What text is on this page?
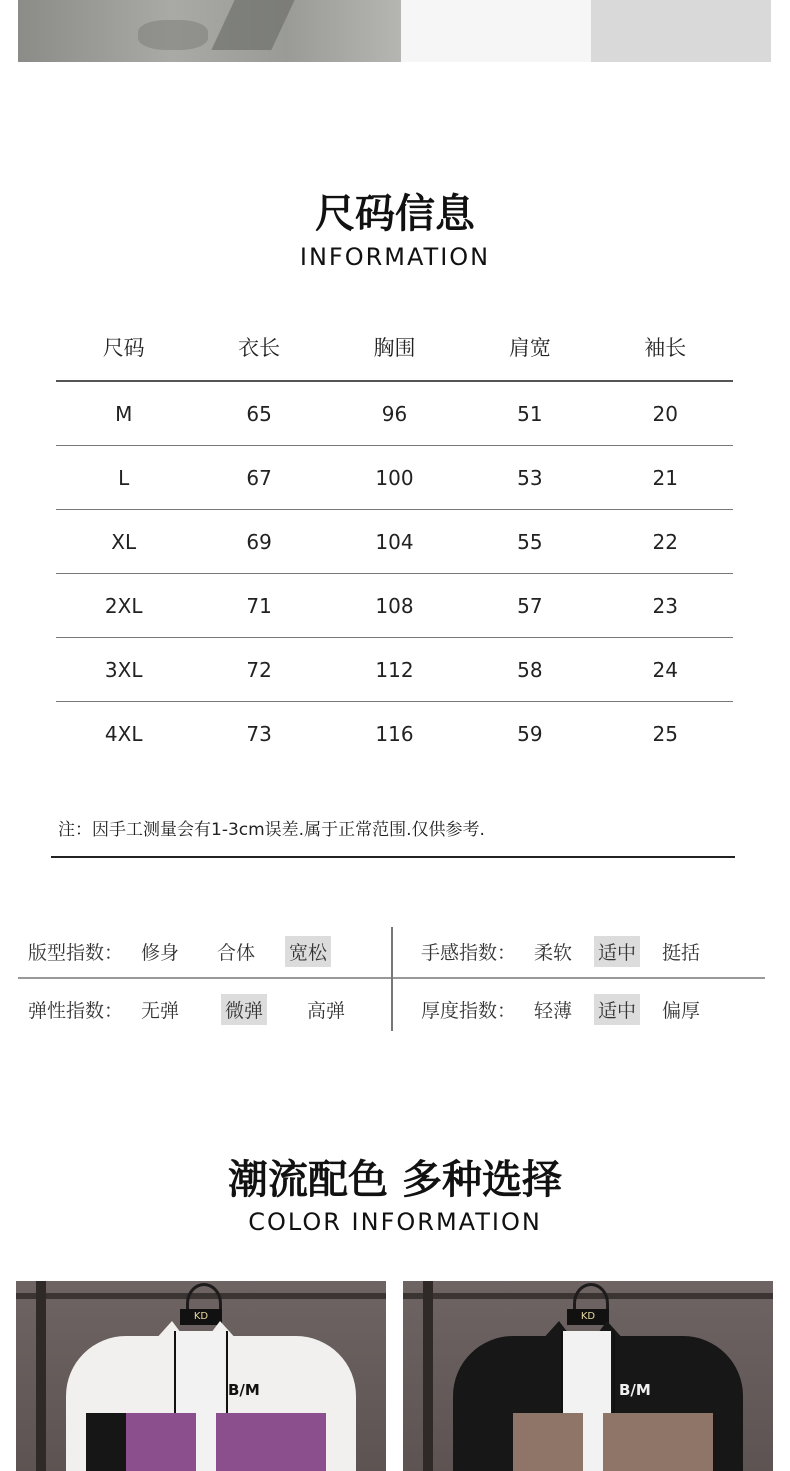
尺码信息
INFORMATION
尺码	衣长	胸围	肩宽	袖长
M	65	96	51	20
L	67	100	53	21
XL	69	104	55	22
2XL	71	108	57	23
3XL	72	112	58	24
4XL	73	116	59	25
注：因手工测量会有1-3cm误差.属于正常范围.仅供参考.
版型指数： 修身 合体 宽松	手感指数： 柔软 适中 挺括
弹性指数： 无弹 微弹 高弹	厚度指数： 轻薄 适中 偏厚
潮流配色 多种选择
COLOR INFORMATION
KD
B/M
KD
B/M
